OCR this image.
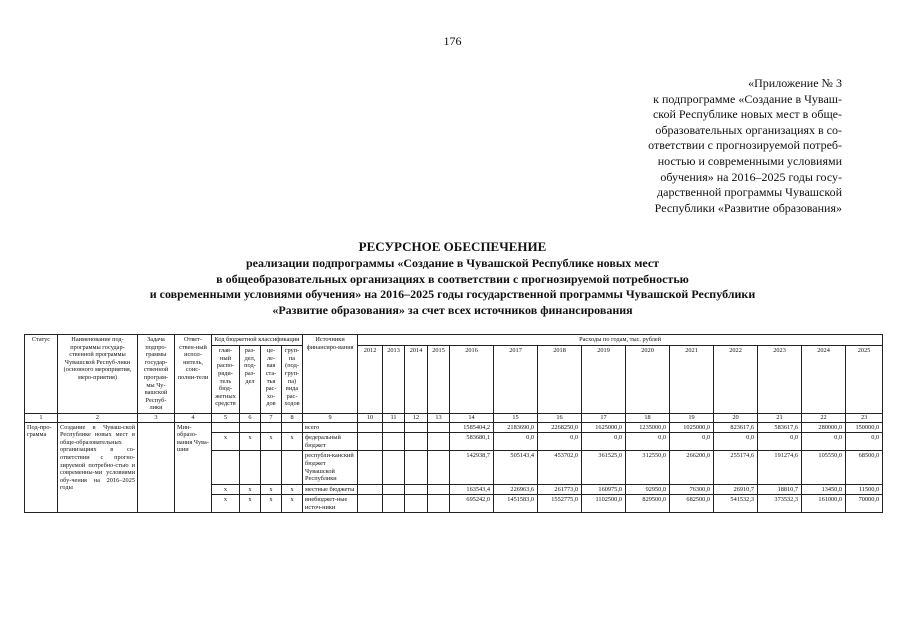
176
«Приложение № 3
к подпрограмме «Создание в Чуваш-
ской Республике новых мест в обще-
образовательных организациях в со-
ответствии с прогнозируемой потреб-
ностью и современными условиями
обучения» на 2016–2025 годы госу-
дарственной программы Чувашской
Республики «Развитие образования»
РЕСУРСНОЕ ОБЕСПЕЧЕНИЕ
реализации подпрограммы «Создание в Чувашской Республике новых мест
в общеобразовательных организациях в соответствии с прогнозируемой потребностью
и современными условиями обучения» на 2016–2025 годы государственной программы Чувашской Республики
«Развитие образования» за счет всех источников финансирования
Статус	Наименование под-программы государ-ственной программы Чувашской Респуб-лики (основного мероприятия, меро-приятия)	Задача подпро-граммы государ-ственной програм-мы Чу-вашской Респуб-лики	Ответ-ствен-ный испол-нитель, соис-полни-тели	Код бюджетной классификации				Источники финансиро-вания	Расходы по годам, тыс. рублей													
				глав-ный распо-ряди-тель бюд-жетных средств	раз-дел, под-раз-дел	це-ле-вая ста-тья рас-хо-дов	груп-па (под-груп-па) вида рас-ходов		2012	2013	2014	2015	2016	2017	2018	2019	2020	2021	2022	2023	2024	2025
1	2	3	4	5	6	7	8	9	10	11	12	13	14	15	16	17	18	19	20	21	22	23
Под-про-грамма	Создание в Чуваш-ской Республике новых мест в обще-образовательных организациях в со-ответствии с прогно-зируемой потребно-стью и современны-ми условиями обу-чения на 2016–2025 годы		Мин-образо-вания Чува-шии					всего					1585404,2	2183690,0	2268250,0	1625000,0	1235000,0	1025000,0	823617,6	583617,6	280000,0	150000,0
				x	x	x	x	федеральный бюджет					583680,1	0,0	0,0	0,0	0,0	0,0	0,0	0,0	0,0	0,0
								республи-канский бюджет Чувашской Республики					142938,7	505143,4	453702,0	361525,0	312550,0	266200,0	255174,6	191274,6	105550,0	68500,0
				x	x	x	x	местные бюджеты					163543,4	226963,6	261773,0	160975,0	92950,0	76300,0	26910,7	18810,7	13450,0	11500,0
				x	x	x	x	внебюджет-ные источ-ники					695242,0	1451583,0	1552775,0	1102500,0	829500,0	682500,0	541532,3	373532,3	161000,0	70000,0
